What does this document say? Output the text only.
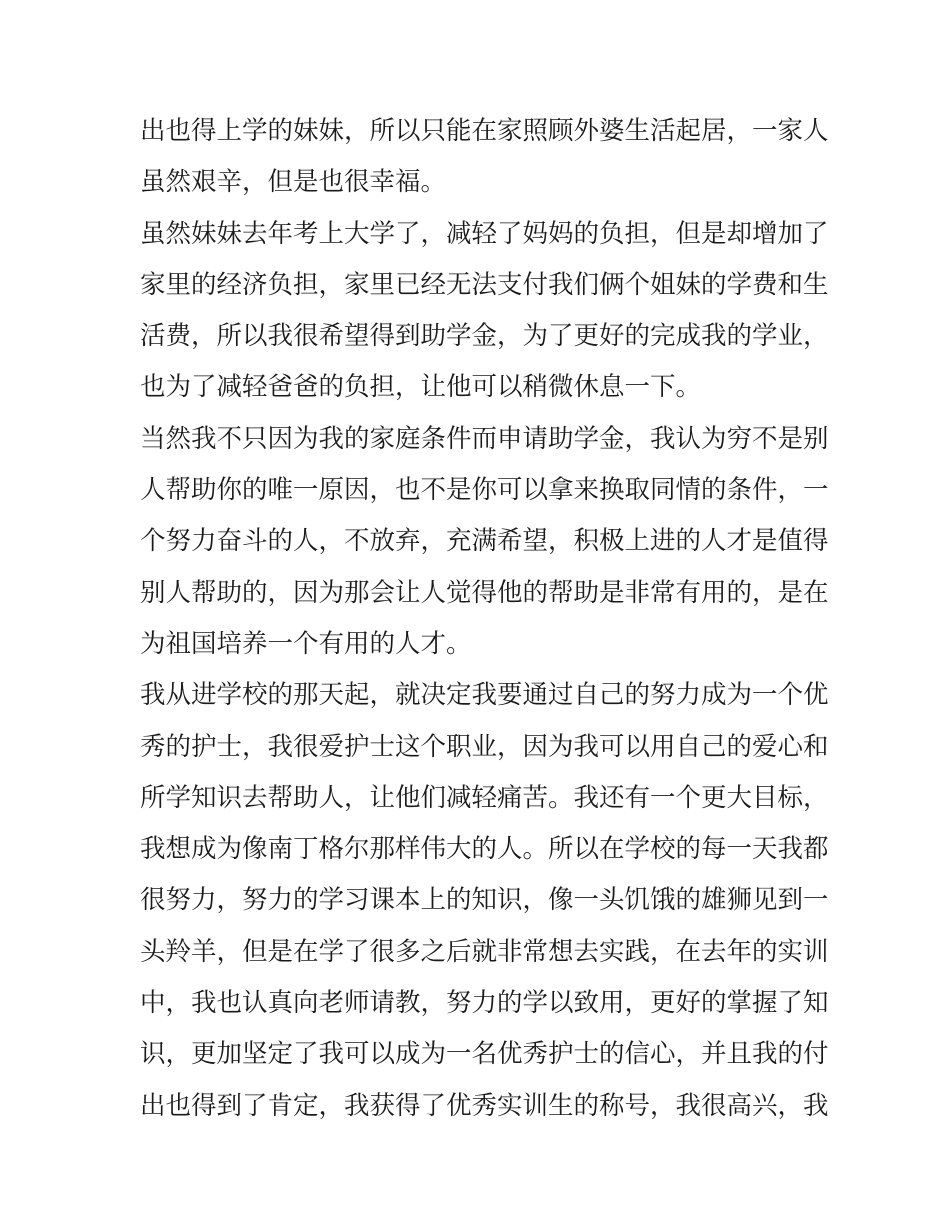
出也得上学的妹妹，所以只能在家照顾外婆生活起居，一家人
虽然艰辛，但是也很幸福。
虽然妹妹去年考上大学了，减轻了妈妈的负担，但是却增加了
家里的经济负担，家里已经无法支付我们俩个姐妹的学费和生
活费，所以我很希望得到助学金，为了更好的完成我的学业，
也为了减轻爸爸的负担，让他可以稍微休息一下。
当然我不只因为我的家庭条件而申请助学金，我认为穷不是别
人帮助你的唯一原因，也不是你可以拿来换取同情的条件，一
个努力奋斗的人，不放弃，充满希望，积极上进的人才是值得
别人帮助的，因为那会让人觉得他的帮助是非常有用的，是在
为祖国培养一个有用的人才。
我从进学校的那天起，就决定我要通过自己的努力成为一个优
秀的护士，我很爱护士这个职业，因为我可以用自己的爱心和
所学知识去帮助人，让他们减轻痛苦。我还有一个更大目标，
我想成为像南丁格尔那样伟大的人。所以在学校的每一天我都
很努力，努力的学习课本上的知识，像一头饥饿的雄狮见到一
头羚羊，但是在学了很多之后就非常想去实践，在去年的实训
中，我也认真向老师请教，努力的学以致用，更好的掌握了知
识，更加坚定了我可以成为一名优秀护士的信心，并且我的付
出也得到了肯定，我获得了优秀实训生的称号，我很高兴，我
